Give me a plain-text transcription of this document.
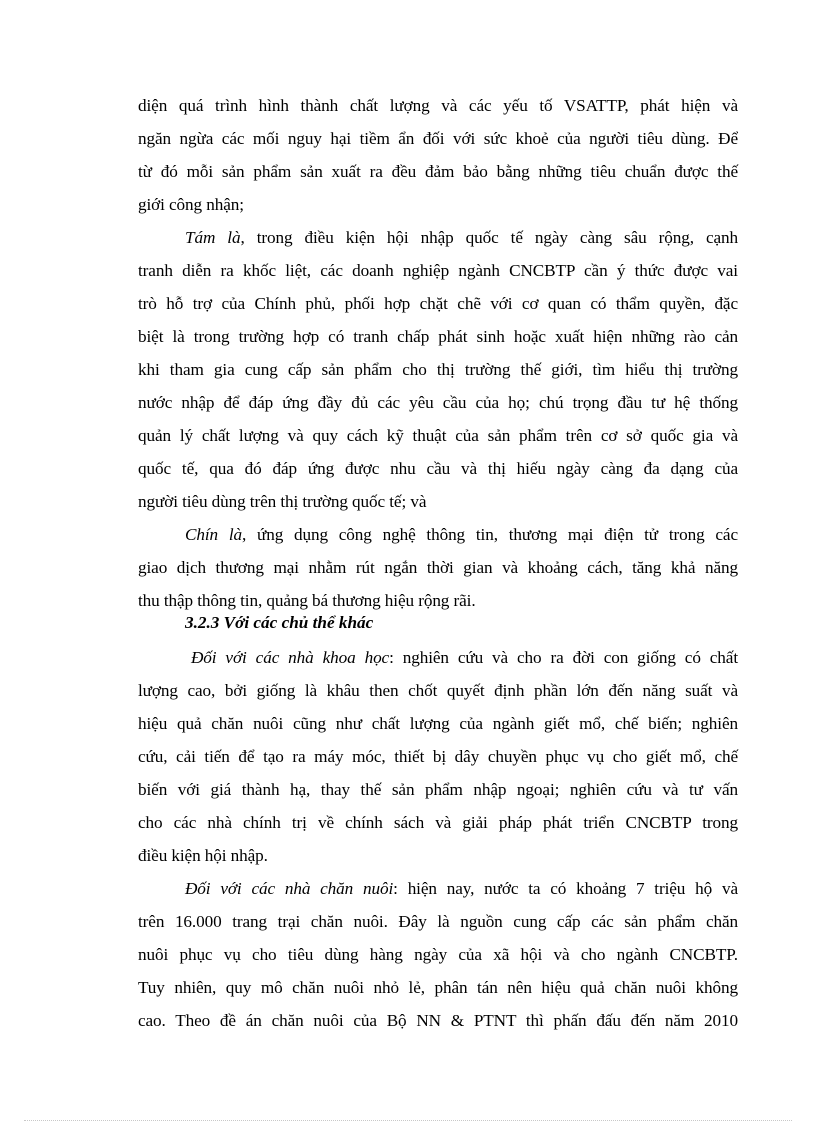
diện quá trình hình thành chất lượng và các yếu tố VSATTP, phát hiện và
ngăn ngừa các mối nguy hại tiềm ẩn đối với sức khoẻ của người tiêu dùng. Để
từ đó mỗi sản phẩm sản xuất ra đều đảm bảo bằng những tiêu chuẩn được thế
giới công nhận;
Tám là, trong điều kiện hội nhập quốc tế ngày càng sâu rộng, cạnh
tranh diễn ra khốc liệt, các doanh nghiệp ngành CNCBTP cần ý thức được vai
trò hỗ trợ của Chính phủ, phối hợp chặt chẽ với cơ quan có thẩm quyền, đặc
biệt là trong trường hợp có tranh chấp phát sinh hoặc xuất hiện những rào cản
khi tham gia cung cấp sản phẩm cho thị trường thế giới, tìm hiểu thị trường
nước nhập để đáp ứng đầy đủ các yêu cầu của họ; chú trọng đầu tư hệ thống
quản lý chất lượng và quy cách kỹ thuật của sản phẩm trên cơ sở quốc gia và
quốc tế, qua đó đáp ứng được nhu cầu và thị hiếu ngày càng đa dạng của
người tiêu dùng trên thị trường quốc tế; và
Chín là, ứng dụng công nghệ thông tin, thương mại điện tử trong các
giao dịch thương mại nhằm rút ngắn thời gian và khoảng cách, tăng khả năng
thu thập thông tin, quảng bá thương hiệu rộng rãi.
3.2.3 Với các chủ thể khác
Đối với các nhà khoa học: nghiên cứu và cho ra đời con giống có chất
lượng cao, bởi giống là khâu then chốt quyết định phần lớn đến năng suất và
hiệu quả chăn nuôi cũng như chất lượng của ngành giết mổ, chế biến; nghiên
cứu, cải tiến để tạo ra máy móc, thiết bị dây chuyền phục vụ cho giết mổ, chế
biến với giá thành hạ, thay thế sản phẩm nhập ngoại; nghiên cứu và tư vấn
cho các nhà chính trị về chính sách và giải pháp phát triển CNCBTP trong
điều kiện hội nhập.
Đối với các nhà chăn nuôi: hiện nay, nước ta có khoảng 7 triệu hộ và
trên 16.000 trang trại chăn nuôi. Đây là nguồn cung cấp các sản phẩm chăn
nuôi phục vụ cho tiêu dùng hàng ngày của xã hội và cho ngành CNCBTP.
Tuy nhiên, quy mô chăn nuôi nhỏ lẻ, phân tán nên hiệu quả chăn nuôi không
cao. Theo đề án chăn nuôi của Bộ NN & PTNT thì phấn đấu đến năm 2010
